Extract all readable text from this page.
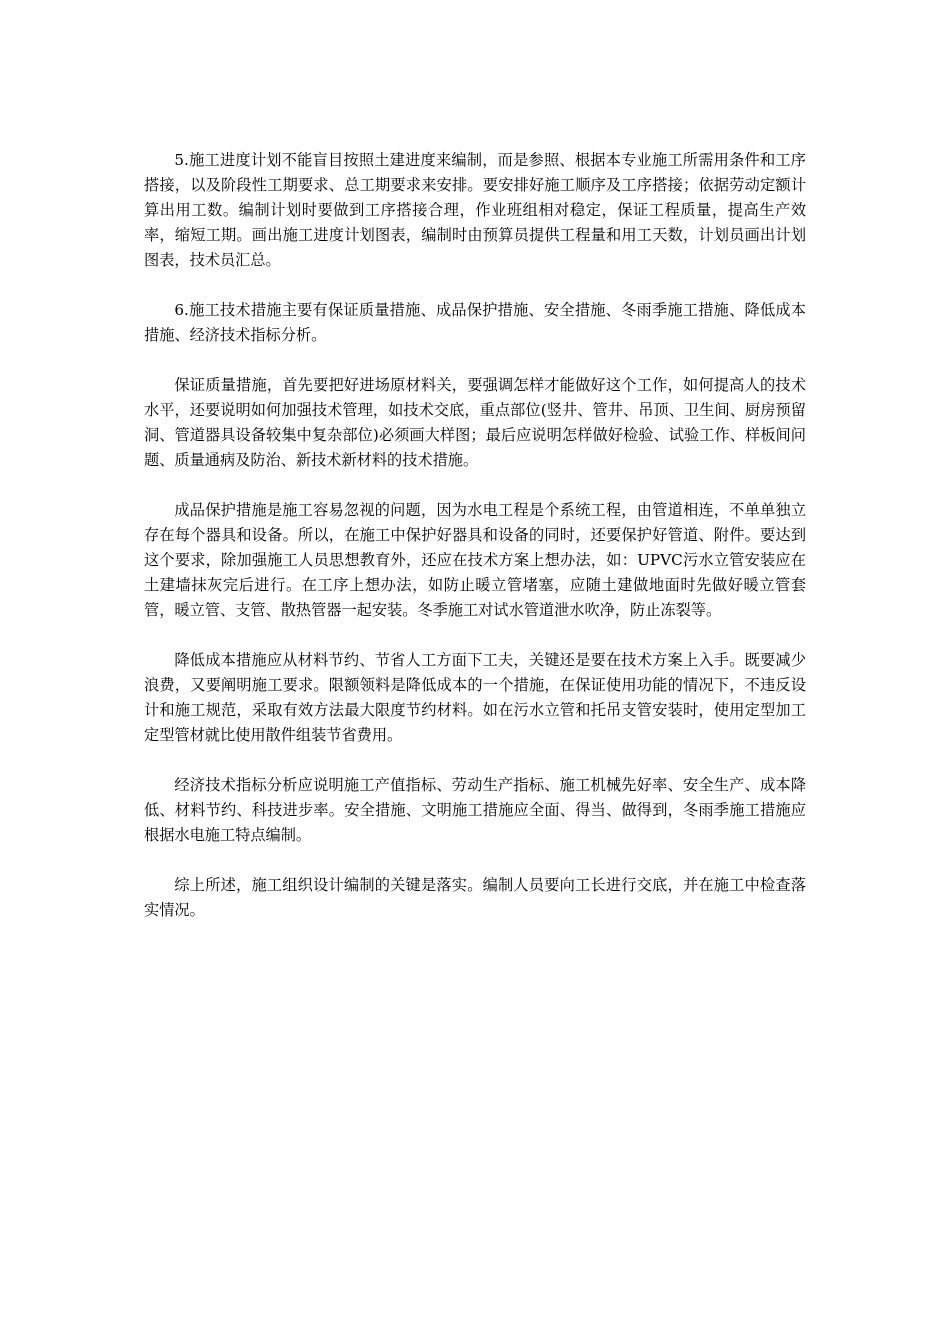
5.施工进度计划不能盲目按照土建进度来编制，而是参照、根据本专业施工所需用条件和工序搭接，以及阶段性工期要求、总工期要求来安排。要安排好施工顺序及工序搭接；依据劳动定额计算出用工数。编制计划时要做到工序搭接合理，作业班组相对稳定，保证工程质量，提高生产效率，缩短工期。画出施工进度计划图表，编制时由预算员提供工程量和用工天数，计划员画出计划图表，技术员汇总。

6.施工技术措施主要有保证质量措施、成品保护措施、安全措施、冬雨季施工措施、降低成本措施、经济技术指标分析。

保证质量措施，首先要把好进场原材料关，要强调怎样才能做好这个工作，如何提高人的技术水平，还要说明如何加强技术管理，如技术交底，重点部位(竖井、管井、吊顶、卫生间、厨房预留洞、管道器具设备较集中复杂部位)必须画大样图；最后应说明怎样做好检验、试验工作、样板间问题、质量通病及防治、新技术新材料的技术措施。

成品保护措施是施工容易忽视的问题，因为水电工程是个系统工程，由管道相连，不单单独立存在每个器具和设备。所以，在施工中保护好器具和设备的同时，还要保护好管道、附件。要达到这个要求，除加强施工人员思想教育外，还应在技术方案上想办法，如：UPVC污水立管安装应在土建墙抹灰完后进行。在工序上想办法，如防止暖立管堵塞，应随土建做地面时先做好暖立管套管，暖立管、支管、散热管器一起安装。冬季施工对试水管道泄水吹净，防止冻裂等。

降低成本措施应从材料节约、节省人工方面下工夫，关键还是要在技术方案上入手。既要减少浪费，又要阐明施工要求。限额领料是降低成本的一个措施，在保证使用功能的情况下，不违反设计和施工规范，采取有效方法最大限度节约材料。如在污水立管和托吊支管安装时，使用定型加工定型管材就比使用散件组装节省费用。

经济技术指标分析应说明施工产值指标、劳动生产指标、施工机械先好率、安全生产、成本降低、材料节约、科技进步率。安全措施、文明施工措施应全面、得当、做得到，冬雨季施工措施应根据水电施工特点编制。

综上所述，施工组织设计编制的关键是落实。编制人员要向工长进行交底，并在施工中检查落实情况。
